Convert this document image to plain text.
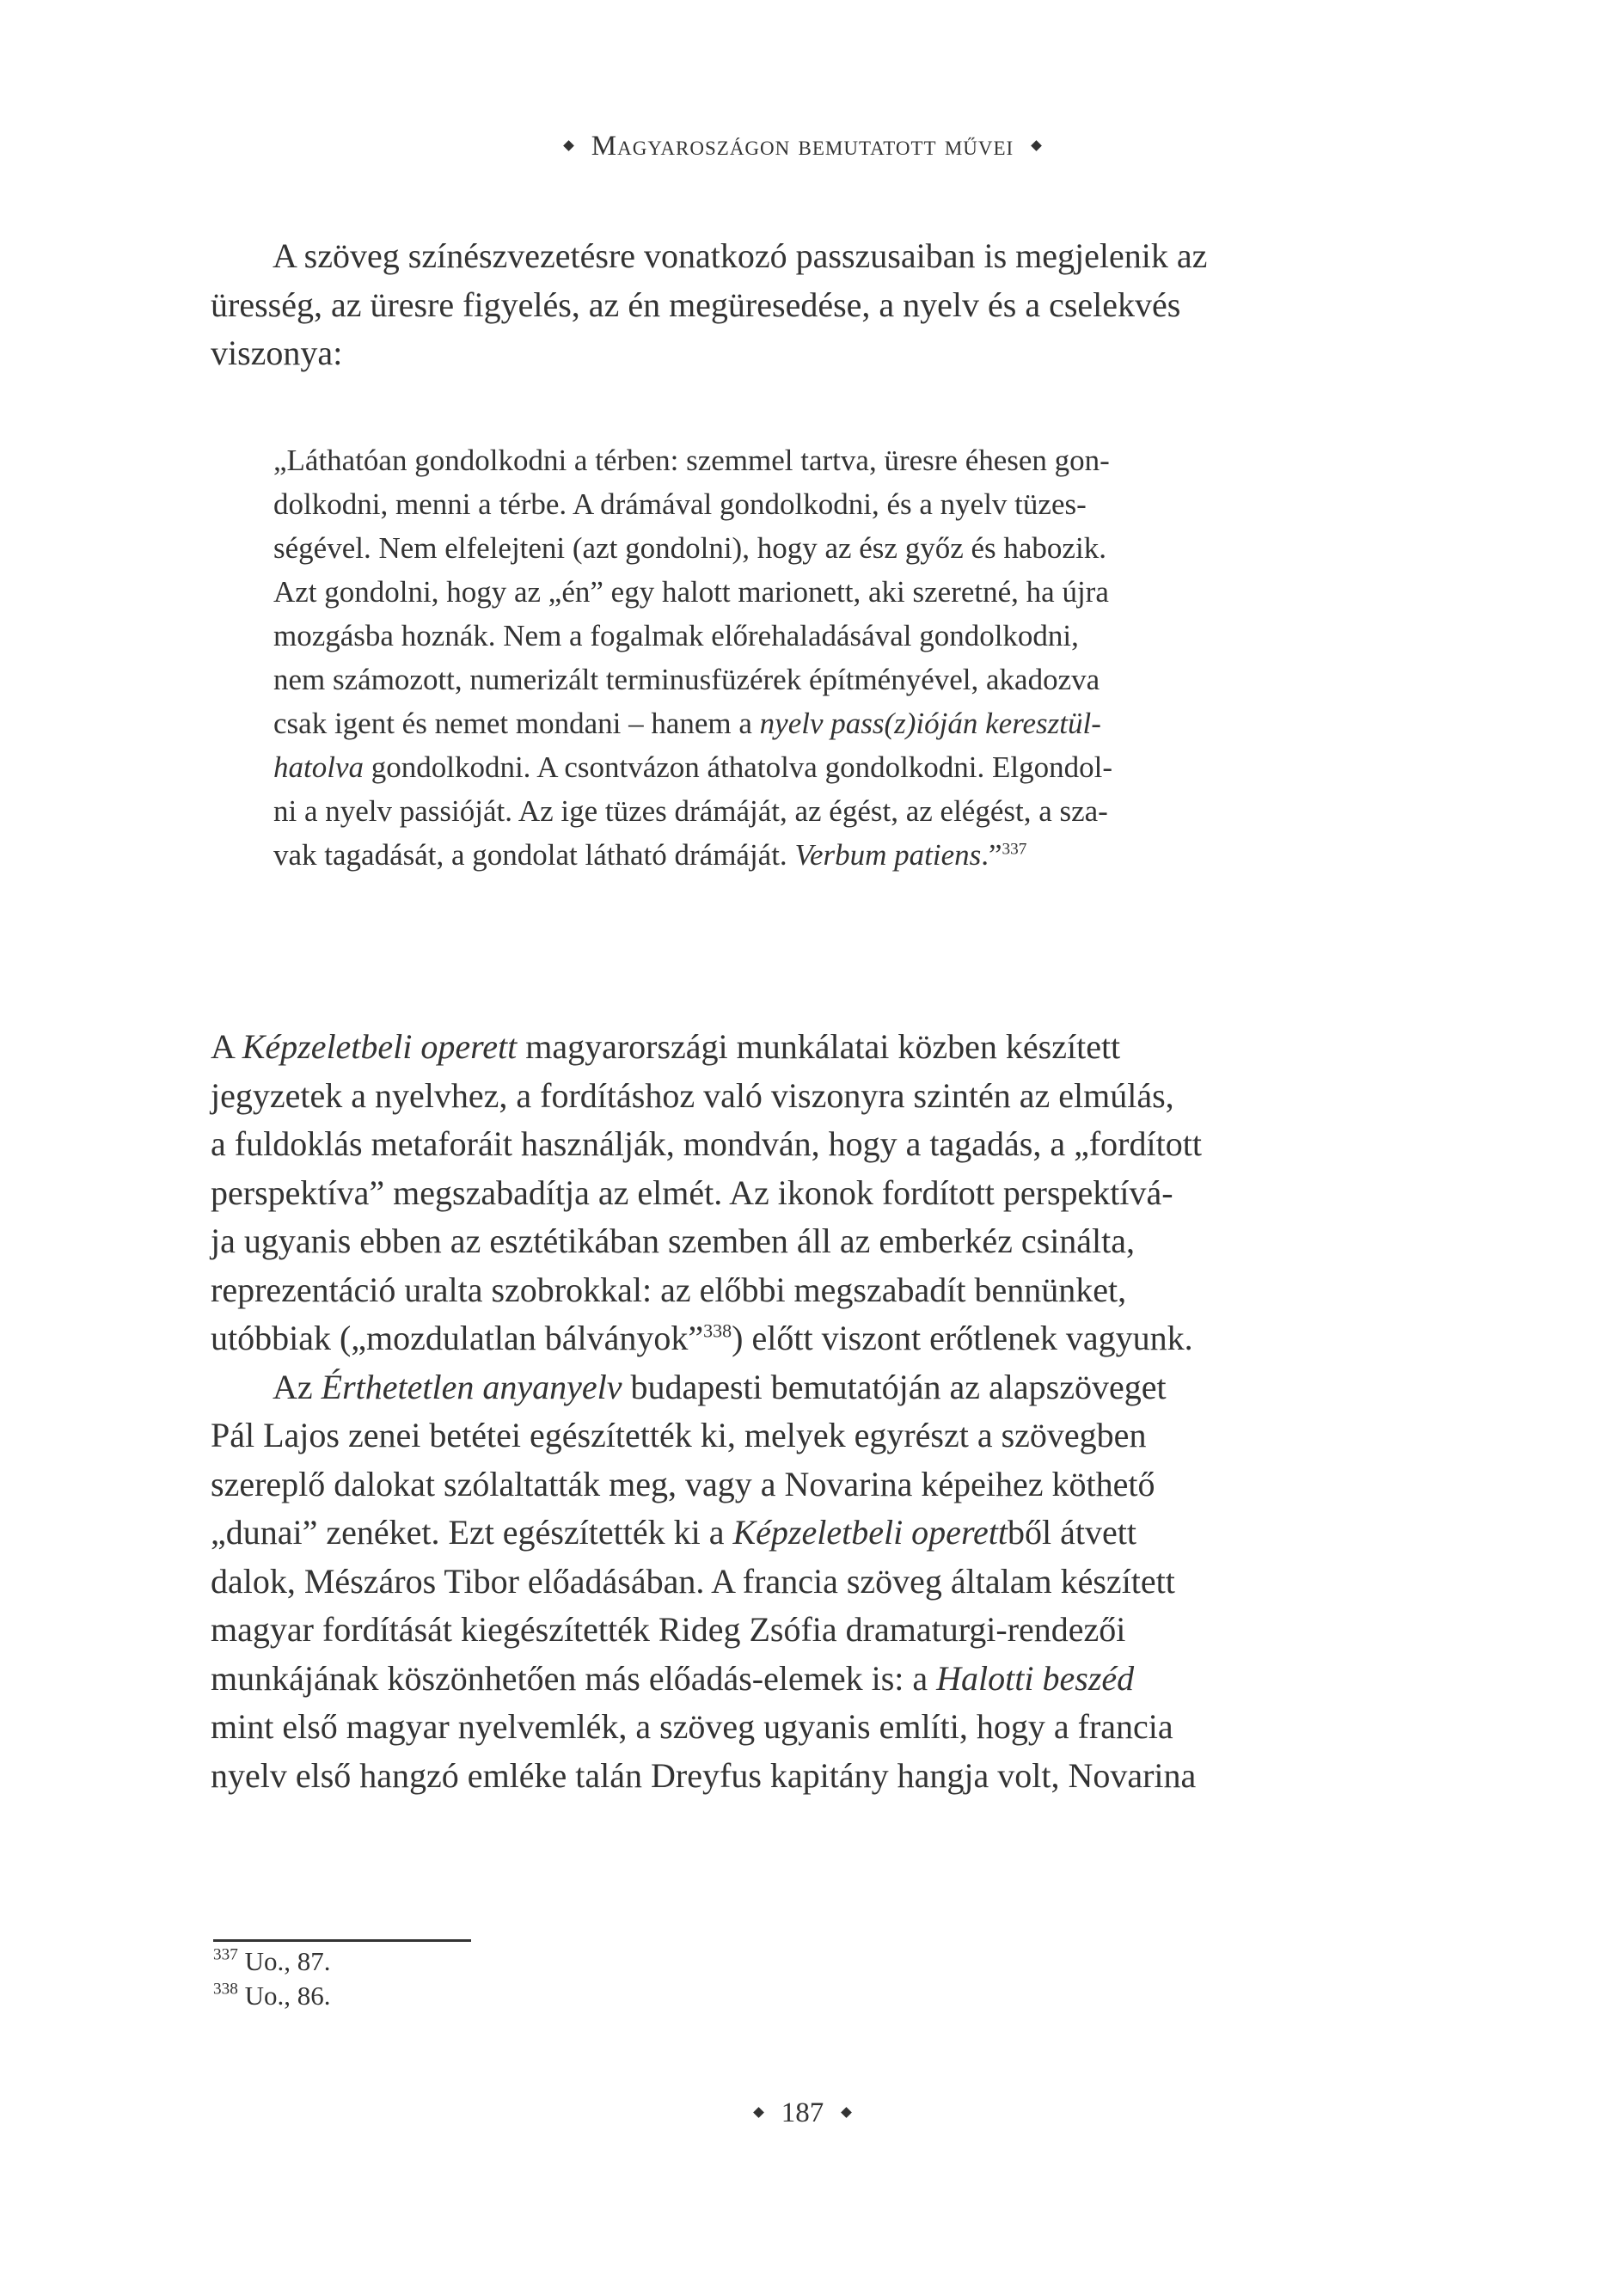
Magyaroszágon bemutatott művei
A szöveg színészvezetésre vonatkozó passzusaiban is megjelenik az
üresség, az üresre figyelés, az én megüresedése, a nyelv és a cselekvés
viszonya:
„Láthatóan gondolkodni a térben: szemmel tartva, üresre éhesen gon-
dolkodni, menni a térbe. A drámával gondolkodni, és a nyelv tüzes-
ségével. Nem elfelejteni (azt gondolni), hogy az ész győz és habozik.
Azt gondolni, hogy az „én” egy halott marionett, aki szeretné, ha újra
mozgásba hoznák. Nem a fogalmak előrehaladásával gondolkodni,
nem számozott, numerizált terminusfüzérek építményével, akadozva
csak igent és nemet mondani – hanem a nyelv pass(z)ióján keresztül-
hatolva gondolkodni. A csontvázon áthatolva gondolkodni. Elgondol-
ni a nyelv passióját. Az ige tüzes drámáját, az égést, az elégést, a sza-
vak tagadását, a gondolat látható drámáját. Verbum patiens.”$^{337}$
A Képzeletbeli operett magyarországi munkálatai közben készített
jegyzetek a nyelvhez, a fordításhoz való viszonyra szintén az elmúlás,
a fuldoklás metaforáit használják, mondván, hogy a tagadás, a „fordított
perspektíva” megszabadítja az elmét. Az ikonok fordított perspektívá-
ja ugyanis ebben az esztétikában szemben áll az emberkéz csinálta,
reprezentáció uralta szobrokkal: az előbbi megszabadít bennünket,
utóbbiak („mozdulatlan bálványok”$^{338}$) előtt viszont erőtlenek vagyunk.
Az Érthetetlen anyanyelv budapesti bemutatóján az alapszöveget
Pál Lajos zenei betétei egészítették ki, melyek egyrészt a szövegben
szereplő dalokat szólaltatták meg, vagy a Novarina képeihez köthető
„dunai” zenéket. Ezt egészítették ki a Képzeletbeli operettből átvett
dalok, Mészáros Tibor előadásában. A francia szöveg általam készített
magyar fordítását kiegészítették Rideg Zsófia dramaturgi-rendezői
munkájának köszönhetően más előadás-elemek is: a Halotti beszéd
mint első magyar nyelvemlék, a szöveg ugyanis említi, hogy a francia
nyelv első hangzó emléke talán Dreyfus kapitány hangja volt, Novarina
$^{337}$ Uo., 87.
$^{338}$ Uo., 86.
187
